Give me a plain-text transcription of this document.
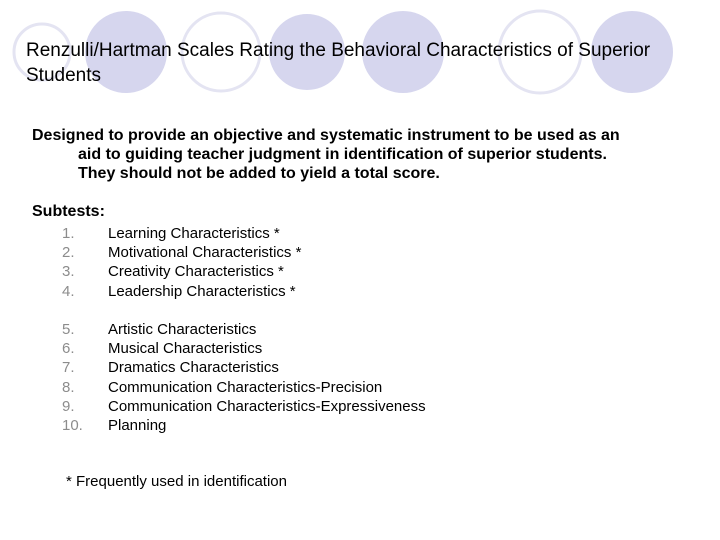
Renzulli/Hartman Scales Rating the Behavioral Characteristics of Superior Students

Designed to provide an objective and systematic instrument to be used as an
aid to guiding teacher judgment in identification of superior students.
They should not be added to yield a total score.

Subtests:

1.	Learning Characteristics *
2.	Motivational Characteristics *
3.	Creativity Characteristics *
4.	Leadership Characteristics *
5.	Artistic Characteristics
6.	Musical Characteristics
7.	Dramatics Characteristics
8.	Communication Characteristics-Precision
9.	Communication Characteristics-Expressiveness
10.	Planning

* Frequently used in identification
